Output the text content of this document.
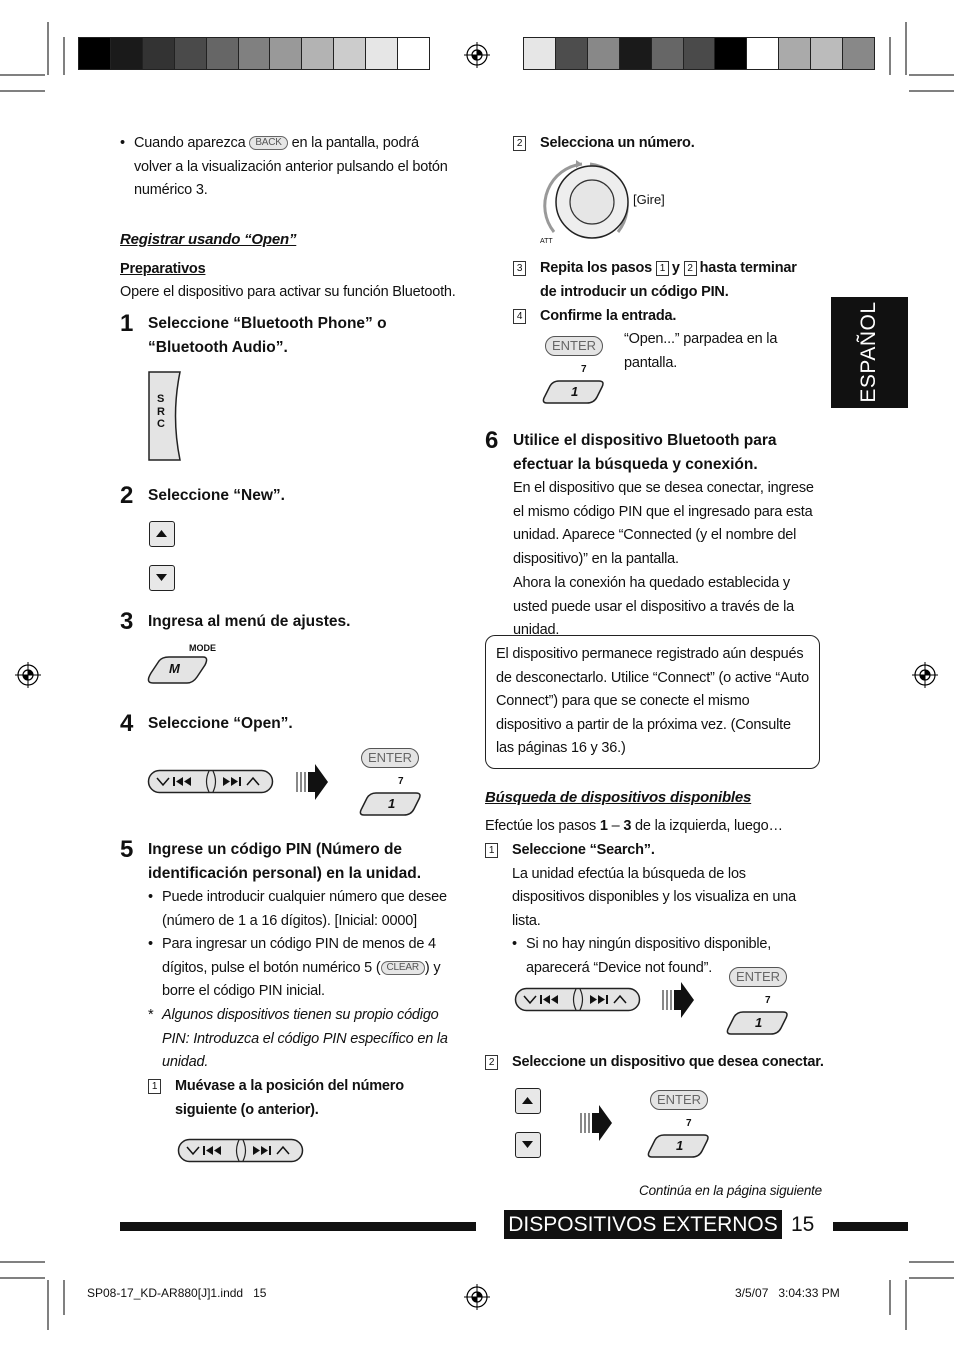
• Cuando aparezca BACK en la pantalla, podrá volver a la visualización anterior pulsando el botón numérico 3.
Registrar usando “Open”
Preparativos
Opere el dispositivo para activar su función Bluetooth.
1 Seleccione “Bluetooth Phone” o “Bluetooth Audio”.
S
R
C
2 Seleccione “New”.
3 Ingresa al menú de ajustes.
MODE
M
4 Seleccione “Open”.
ENTER
7
1
5 Ingrese un código PIN (Número de identificación personal) en la unidad.
• Puede introducir cualquier número que desee (número de 1 a 16 dígitos). [Inicial: 0000]
• Para ingresar un código PIN de menos de 4 dígitos, pulse el botón numérico 5 ( CLEAR ) y borre el código PIN inicial.
* Algunos dispositivos tienen su propio código PIN: Introduzca el código PIN específico en la unidad.
1 Muévase a la posición del número siguiente (o anterior).
2 Selecciona un número.
[Gire]
ATT
3 Repita los pasos 1 y 2 hasta terminar de introducir un código PIN.
4 Confirme la entrada.
ENTER
7
1
“Open...” parpadea en la pantalla.
6 Utilice el dispositivo Bluetooth para efectuar la búsqueda y conexión.
En el dispositivo que se desea conectar, ingrese el mismo código PIN que el ingresado para esta unidad. Aparece “Connected (y el nombre del dispositivo)” en la pantalla.
Ahora la conexión ha quedado establecida y usted puede usar el dispositivo a través de la unidad.
El dispositivo permanece registrado aún después de desconectarlo. Utilice “Connect” (o active “Auto Connect”) para que se conecte el mismo dispositivo a partir de la próxima vez. (Consulte las páginas 16 y 36.)
Búsqueda de dispositivos disponibles
Efectúe los pasos 1 – 3 de la izquierda, luego…
1 Seleccione “Search”.
La unidad efectúa la búsqueda de los dispositivos disponibles y los visualiza en una lista.
• Si no hay ningún dispositivo disponible, aparecerá “Device not found”.
ENTER
7
1
2 Seleccione un dispositivo que desea conectar.
ENTER
7
1
Continúa en la página siguiente
ESPAÑOL
DISPOSITIVOS EXTERNOS 15
SP08-17_KD-AR880[J]1.indd   15	3/5/07   3:04:33 PM
